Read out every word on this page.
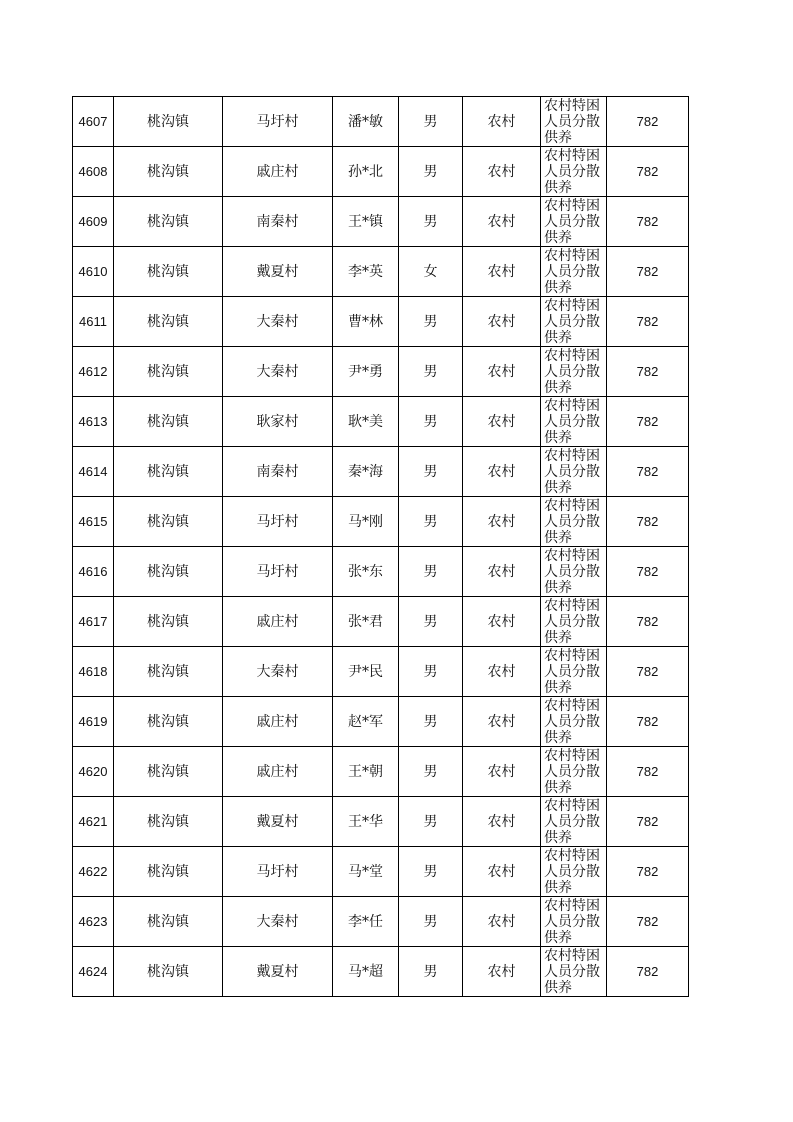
4607	桃沟镇	马圩村	潘*敏	男	农村	农村特困人员分散供养	782
4608	桃沟镇	戚庄村	孙*北	男	农村	农村特困人员分散供养	782
4609	桃沟镇	南秦村	王*镇	男	农村	农村特困人员分散供养	782
4610	桃沟镇	戴夏村	李*英	女	农村	农村特困人员分散供养	782
4611	桃沟镇	大秦村	曹*林	男	农村	农村特困人员分散供养	782
4612	桃沟镇	大秦村	尹*勇	男	农村	农村特困人员分散供养	782
4613	桃沟镇	耿家村	耿*美	男	农村	农村特困人员分散供养	782
4614	桃沟镇	南秦村	秦*海	男	农村	农村特困人员分散供养	782
4615	桃沟镇	马圩村	马*刚	男	农村	农村特困人员分散供养	782
4616	桃沟镇	马圩村	张*东	男	农村	农村特困人员分散供养	782
4617	桃沟镇	戚庄村	张*君	男	农村	农村特困人员分散供养	782
4618	桃沟镇	大秦村	尹*民	男	农村	农村特困人员分散供养	782
4619	桃沟镇	戚庄村	赵*军	男	农村	农村特困人员分散供养	782
4620	桃沟镇	戚庄村	王*朝	男	农村	农村特困人员分散供养	782
4621	桃沟镇	戴夏村	王*华	男	农村	农村特困人员分散供养	782
4622	桃沟镇	马圩村	马*堂	男	农村	农村特困人员分散供养	782
4623	桃沟镇	大秦村	李*任	男	农村	农村特困人员分散供养	782
4624	桃沟镇	戴夏村	马*超	男	农村	农村特困人员分散供养	782
